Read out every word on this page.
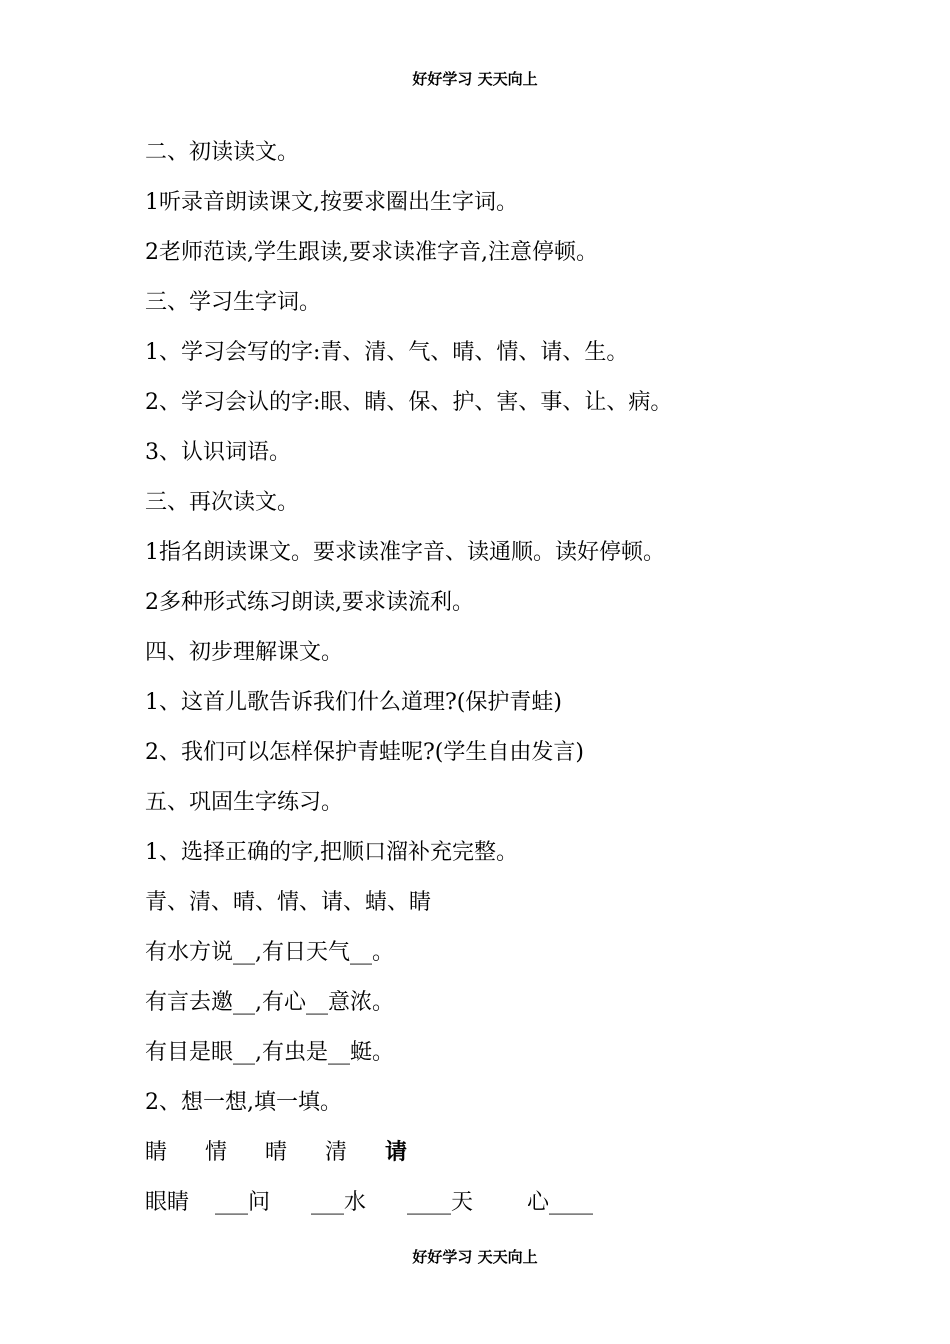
好好学习 天天向上
二、初读读文。
1听录音朗读课文,按要求圈出生字词。
2老师范读,学生跟读,要求读准字音,注意停顿。
三、学习生字词。
1、学习会写的字:青、清、气、晴、情、请、生。
2、学习会认的字:眼、睛、保、护、害、事、让、病。
3、认识词语。
三、再次读文。
1指名朗读课文。要求读准字音、读通顺。读好停顿。
2多种形式练习朗读,要求读流利。
四、初步理解课文。
1、这首儿歌告诉我们什么道理?(保护青蛙)
2、我们可以怎样保护青蛙呢?(学生自由发言)
五、巩固生字练习。
1、选择正确的字,把顺口溜补充完整。
青、清、晴、情、请、蜻、睛
有水方说__,有日天气__。
有言去邀__,有心__意浓。
有目是眼__,有虫是__蜓。
2、想一想,填一填。
睛 情 晴 清 请
眼睛 ___问 ___水 ____天 心____
好好学习 天天向上
